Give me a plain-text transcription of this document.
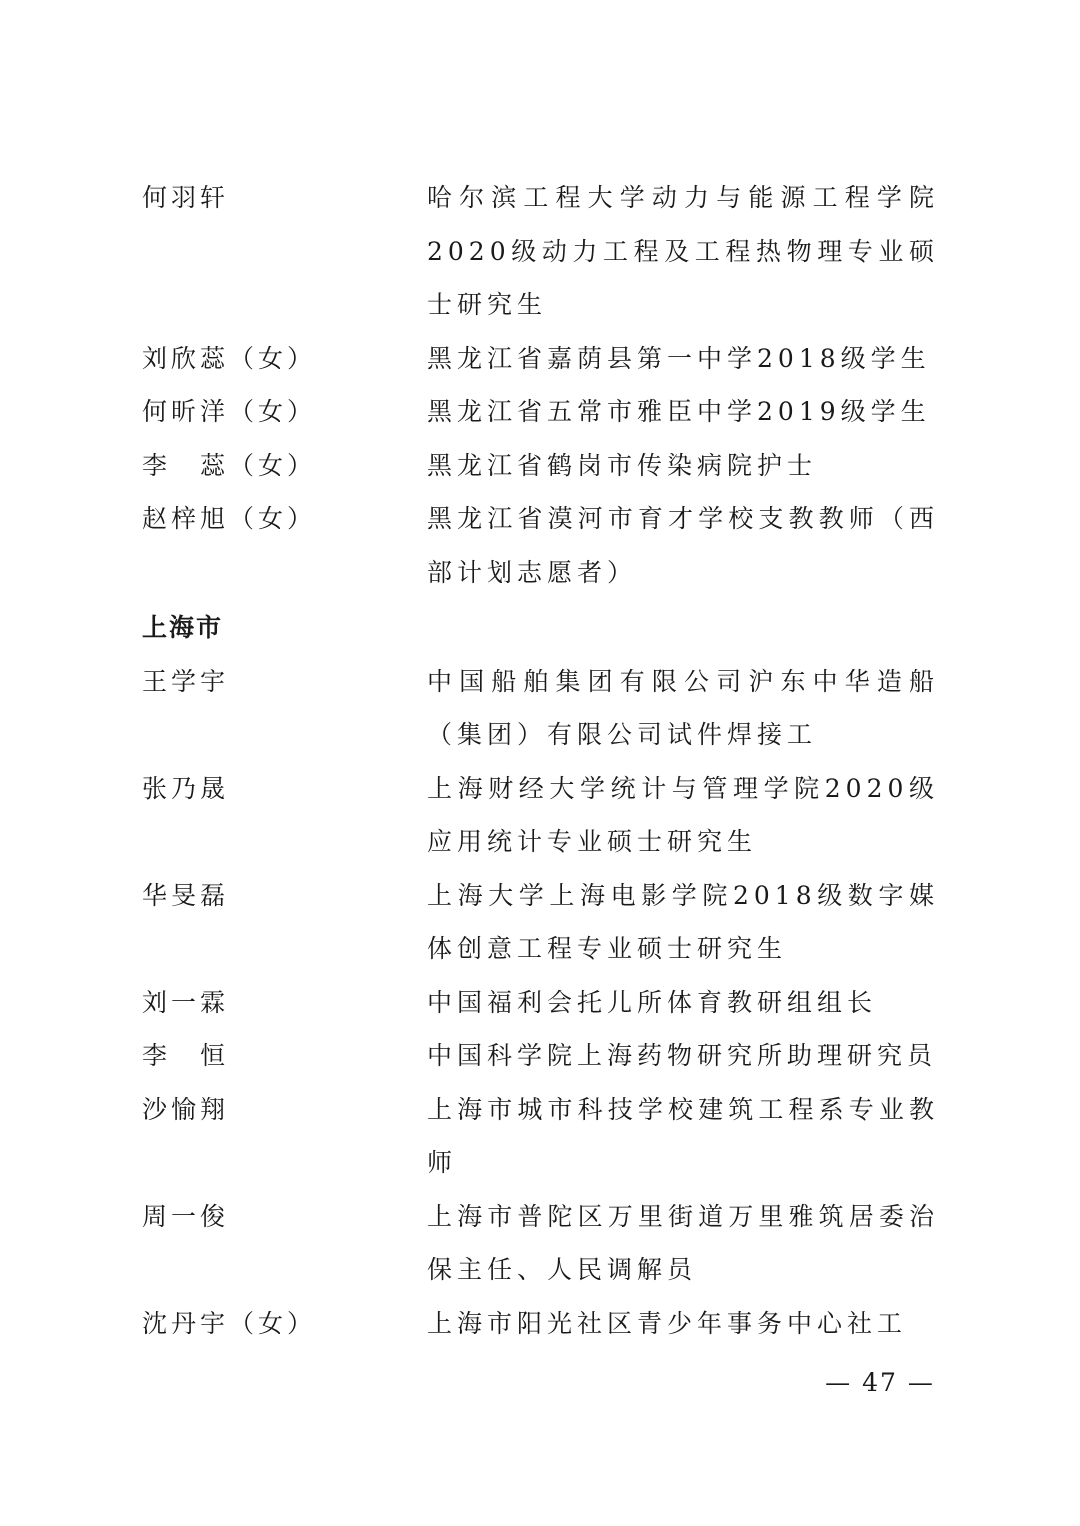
何羽轩	哈尔滨工程大学动力与能源工程学院2020级动力工程及工程热物理专业硕士研究生
刘欣蕊（女）	黑龙江省嘉荫县第一中学2018级学生
何昕洋（女）	黑龙江省五常市雅臣中学2019级学生
李　蕊（女）	黑龙江省鹤岗市传染病院护士
赵梓旭（女）	黑龙江省漠河市育才学校支教教师（西部计划志愿者）
上海市
王学宇	中国船舶集团有限公司沪东中华造船（集团）有限公司试件焊接工
张乃晟	上海财经大学统计与管理学院2020级应用统计专业硕士研究生
华旻磊	上海大学上海电影学院2018级数字媒体创意工程专业硕士研究生
刘一霖	中国福利会托儿所体育教研组组长
李　恒	中国科学院上海药物研究所助理研究员
沙愉翔	上海市城市科技学校建筑工程系专业教师
周一俊	上海市普陀区万里街道万里雅筑居委治保主任、人民调解员
沈丹宇（女）	上海市阳光社区青少年事务中心社工
— 47 —
